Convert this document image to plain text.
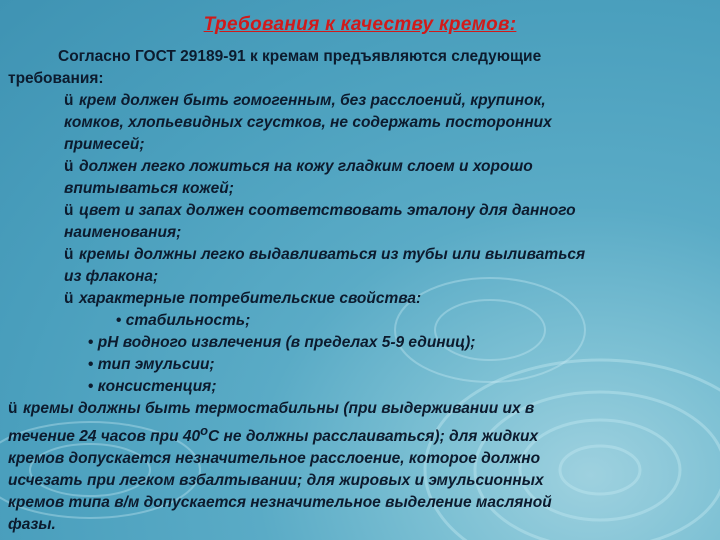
Требования к качеству кремов:

Согласно ГОСТ 29189-91 к кремам предъявляются следующие

требования:

ü крем должен быть гомогенным, без расслоений, крупинок,
комков, хлопьевидных сгустков, не содержать посторонних
примесей;
ü должен легко ложиться на кожу гладким слоем и хорошо
впитываться кожей;
ü цвет и запах должен соответствовать эталону для данного
наименования;
ü кремы должны легко выдавливаться из тубы или выливаться
из флакона;
ü характерные потребительские свойства:

• стабильность;

• pH водного извлечения (в пределах 5-9 единиц);

• тип эмульсии;

• консистенция;

ü кремы должны быть термостабильны (при выдерживании их в
течение 24 часов при $40^оС$ не должны расслаиваться); для жидких
кремов допускается незначительное расслоение, которое должно
исчезать при легком взбалтывании; для жировых и эмульсионных
кремов типа в/м допускается незначительное выделение масляной
фазы.
